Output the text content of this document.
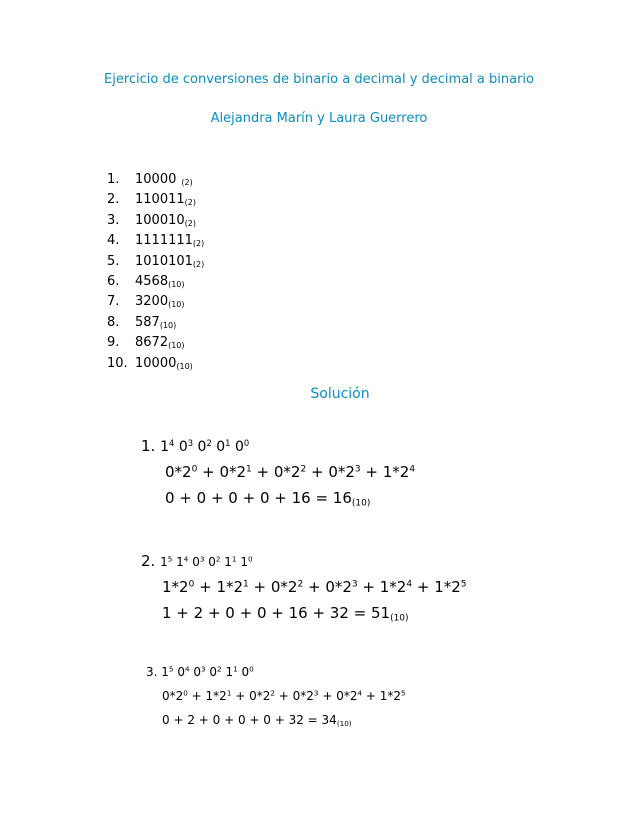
Ejercicio de conversiones de binario a decimal y decimal a binario
Alejandra Marín y Laura Guerrero
1. 10000 (2)
2. 110011(2)
3. 100010(2)
4. 1111111(2)
5. 1010101(2)
6. 4568(10)
7. 3200(10)
8. 587(10)
9. 8672(10)
10. 10000(10)
Solución
1. $1^4$ $0^3$ $0^2$ $0^1$ $0^0$
$0*2^0 + 0*2^1 + 0*2^2 + 0*2^3 + 1*2^4$
$0 + 0 + 0 + 0 + 16 = 16_{(10)}$
2. $1^5$ $1^4$ $0^3$ $0^2$ $1^1$ $1^0$
$1*2^0 + 1*2^1 + 0*2^2 + 0*2^3 + 1*2^4 + 1*2^5$
$1 + 2 + 0 + 0 + 16 + 32 = 51_{(10)}$
3. $1^5$ $0^4$ $0^3$ $0^2$ $1^1$ $0^0$
$0*2^0 + 1*2^1 + 0*2^2 + 0*2^3 + 0*2^4 + 1*2^5$
$0 + 2 + 0 + 0 + 0 + 32 = 34_{(10)}$
